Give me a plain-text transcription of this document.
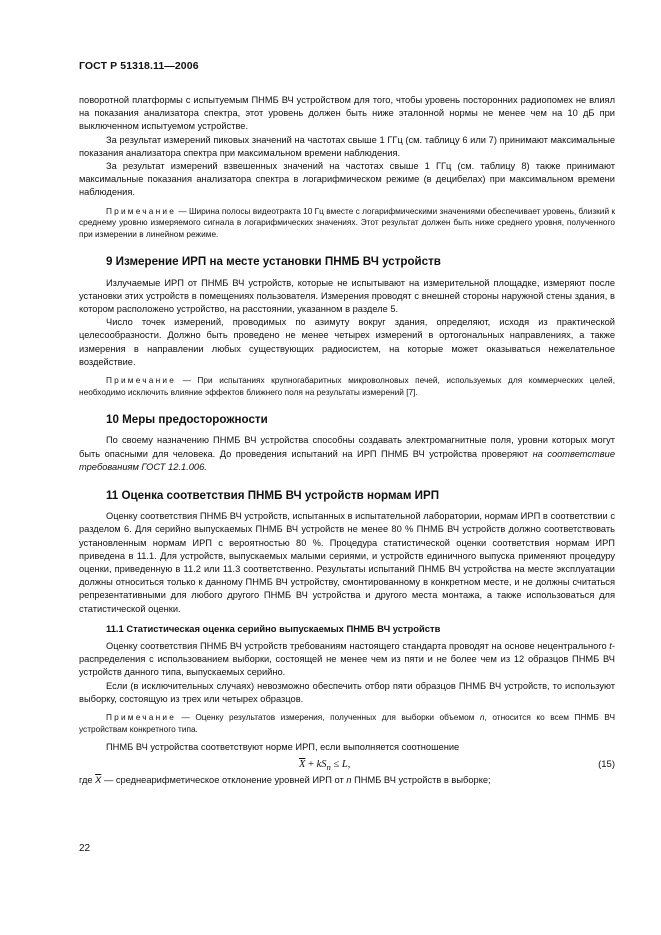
ГОСТ Р 51318.11—2006

поворотной платформы с испытуемым ПНМБ ВЧ устройством для того, чтобы уровень посторонних радиопомех не влиял на показания анализатора спектра, этот уровень должен быть ниже эталонной нормы не менее чем на 10 дБ при выключенном испытуемом устройстве.

За результат измерений пиковых значений на частотах свыше 1 ГГц (см. таблицу 6 или 7) принимают максимальные показания анализатора спектра при максимальном времени наблюдения.

За результат измерений взвешенных значений на частотах свыше 1 ГГц (см. таблицу 8) также принимают максимальные показания анализатора спектра в логарифмическом режиме (в децибелах) при максимальном времени наблюдения.

Примечание — Ширина полосы видеотракта 10 Гц вместе с логарифмическими значениями обеспечивает уровень, близкий к среднему уровню измеряемого сигнала в логарифмических значениях. Этот результат должен быть ниже среднего уровня, полученного при измерении в линейном режиме.

9 Измерение ИРП на месте установки ПНМБ ВЧ устройств

Излучаемые ИРП от ПНМБ ВЧ устройств, которые не испытывают на измерительной площадке, измеряют после установки этих устройств в помещениях пользователя. Измерения проводят с внешней стороны наружной стены здания, в котором расположено устройство, на расстоянии, указанном в разделе 5.

Число точек измерений, проводимых по азимуту вокруг здания, определяют, исходя из практической целесообразности. Должно быть проведено не менее четырех измерений в ортогональных направлениях, а также измерения в направлении любых существующих радиосистем, на которые может оказываться нежелательное воздействие.

Примечание — При испытаниях крупногабаритных микроволновых печей, используемых для коммерческих целей, необходимо исключить влияние эффектов ближнего поля на результаты измерений [7].

10 Меры предосторожности

По своему назначению ПНМБ ВЧ устройства способны создавать электромагнитные поля, уровни которых могут быть опасными для человека. До проведения испытаний на ИРП ПНМБ ВЧ устройства проверяют на соответствие требованиям ГОСТ 12.1.006.

11 Оценка соответствия ПНМБ ВЧ устройств нормам ИРП

Оценку соответствия ПНМБ ВЧ устройств, испытанных в испытательной лаборатории, нормам ИРП в соответствии с разделом 6. Для серийно выпускаемых ПНМБ ВЧ устройств не менее 80 % ПНМБ ВЧ устройств должно соответствовать установленным нормам ИРП с вероятностью 80 %. Процедура статистической оценки соответствия нормам ИРП приведена в 11.1. Для устройств, выпускаемых малыми сериями, и устройств единичного выпуска применяют процедуру оценки, приведенную в 11.2 или 11.3 соответственно. Результаты испытаний ПНМБ ВЧ устройства на месте эксплуатации должны относиться только к данному ПНМБ ВЧ устройству, смонтированному в конкретном месте, и не должны считаться репрезентативными для любого другого ПНМБ ВЧ устройства и другого места монтажа, а также использоваться для статистической оценки.

11.1 Статистическая оценка серийно выпускаемых ПНМБ ВЧ устройств

Оценку соответствия ПНМБ ВЧ устройств требованиям настоящего стандарта проводят на основе нецентрального t-распределения с использованием выборки, состоящей не менее чем из пяти и не более чем из 12 образцов ПНМБ ВЧ устройств данного типа, выпускаемых серийно.

Если (в исключительных случаях) невозможно обеспечить отбор пяти образцов ПНМБ ВЧ устройств, то используют выборку, состоящую из трех или четырех образцов.

Примечание — Оценку результатов измерения, полученных для выборки объемом n, относится ко всем ПНМБ ВЧ устройствам конкретного типа.

ПНМБ ВЧ устройства соответствуют норме ИРП, если выполняется соотношение

$\overline{X} + kS_n \le L$,	(15)

где $\overline{X}$ — среднеарифметическое отклонение уровней ИРП от n ПНМБ ВЧ устройств в выборке;

22
